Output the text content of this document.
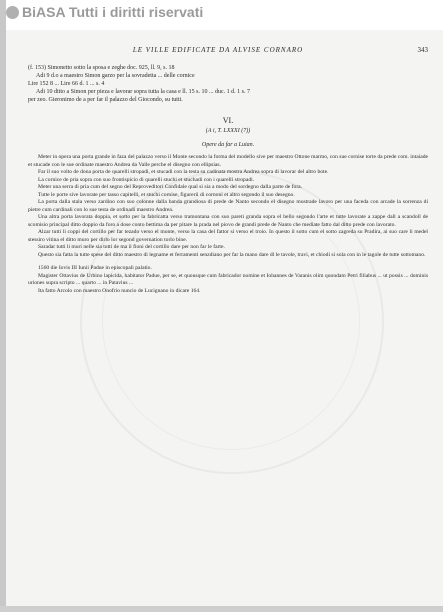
BiASA Tutti i diritti riservati
LE VILLE EDIFICATE DA ALVISE CORNARO	343

(f. 153) Simonetto sotto la sposa e zeghe doc. 925, ll. 9, s. 18

Adi 9 d.o a maestro Simon garzo per la sovradetta ... delle cornice

Lire 152 8 ... Lire 66 d. 1 ... s. 4

Adi 10 ditto a Simon per pieza e lavorar sopra tutta la casa e ll. 15 s. 10 ... duc. 1 d. 1 s. 7

per zeo. Gieronimo de a per far il palazzo del Giocondo, su tutti.

VI.
(A i, T. LXXXI (7))
Opere da far a Luian.

Meter in opera una porta grande in faza del palazzo verso il Monte secondo la forma del modello sive per maestro Ottone marmo, con sue cornise torte da prede com. intaiade et stucade con le sue ordinate maestro Andrea da Valle perche el disegno con ellipsias.

Far il suo volto de dona porta de quarelli stropadi, et stucadi con la testa su cadinata mostra Andrea sopra di lavorar del altro bote.

La cornice de pria sopra con suo frontispicio di quarelli stuchi et stuchadi con i quarelli stropadi.

Meter una serra di pria cum del segno del Reproveditori Confidale qual si sia a modo del sordegno dalla parte de fora.

Tutte le porte sive lavorate per tasso capitelli, et stuchi cornise, figurerii di cornoni et altro segondo il suo desegno.

La porta dalla stala verso zardino con suo colonne dalla banda grandiosa di prede de Nanto secondo el disegno mostrade lavoro per una faceda con arcade la sorrenza di pietre cum cardinali con lo sue testa de ordinadi maestro Andrea.

Una altra porta lavorata doppia, et sotto per la fabricatta verso tramontana con suo pareti granda sopra el bello segondo l'arte et tutte lavorate a zappe dall a scandoll de scomisio principal ditto doppio da foro a dose conto bettima da per pitare la prada nel piovo de grandi prede de Nanto che mediate fatto dal ditto prede con lavorato.

Alzar tutti li coppi del cortillo per far tezado verso el monte, verso la casa del fattor si verso el troio. In questo il sotto cum el sotto zagreda su Pradira, ai suo care li medel stessiro vitina el ditto muro per dirlo lor segond governation torlo bine.

Saradar tutti li muri nelle sia tutti de ma il fioni del cortillo dare per non far le farte.

Questo sia fatta la tutte spese del ditto maestro di legname et ferramenti senzdiano per far la mano dare dl le tavole, travi, et chiodi si sola con in le tagole de tutte sottomano.

1560 die Iovis III Iunii Padue in episcopali palatio.

Magister Ottavius de Urbino lapicida, habitator Padue, per se, et quousque cum fabricador nomine et Iohannes de Varanis olim quondam Petri filiabus ... ut possis ... dominis uriones supra scripto ... quarto ... in Patavius ...

Ita fatto Arcolo con maestro Onofrio nuncio de Lucignano in dicare 164.
